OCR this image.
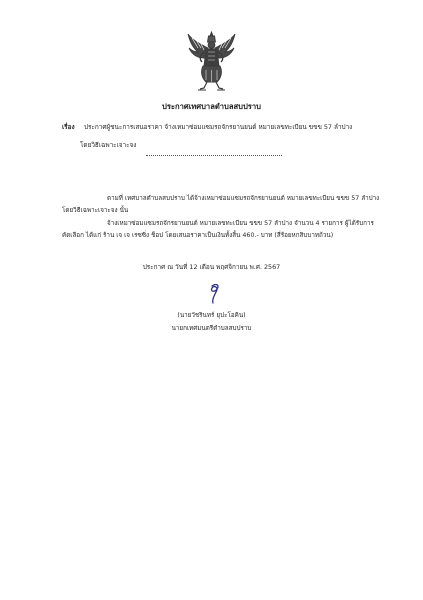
ประกาศเทศบาลตำบลสบปราบ
เรื่อง ประกาศผู้ชนะการเสนอราคา จ้างเหมาซ่อมแซมรถจักรยานยนต์ หมายเลขทะเบียน ขขข 57 ลำปาง
โดยวิธีเฉพาะเจาะจง
ตามที่ เทศบาลตำบลสบปราบ ได้จ้างเหมาซ่อมแซมรถจักรยานยนต์ หมายเลขทะเบียน ขขข 57 ลำปาง
โดยวิธีเฉพาะเจาะจง นั้น
จ้างเหมาซ่อมแซมรถจักรยานยนต์ หมายเลขทะเบียน ขขข 57 ลำปาง จำนวน 4 รายการ ผู้ได้รับการ
คัดเลือก ได้แก่ ร้าน เจ เจ เรซซิ่ง ช็อป โดยเสนอราคาเป็นเงินทั้งสิ้น 460.- บาท (สี่ร้อยหกสิบบาทถ้วน)
ประกาศ ณ วันที่ 12 เดือน พฤศจิกายน พ.ศ. 2567
(นายวัชรินทร์ ยุปะโอคิน)
นายกเทศมนตรีตำบลสบปราบ
